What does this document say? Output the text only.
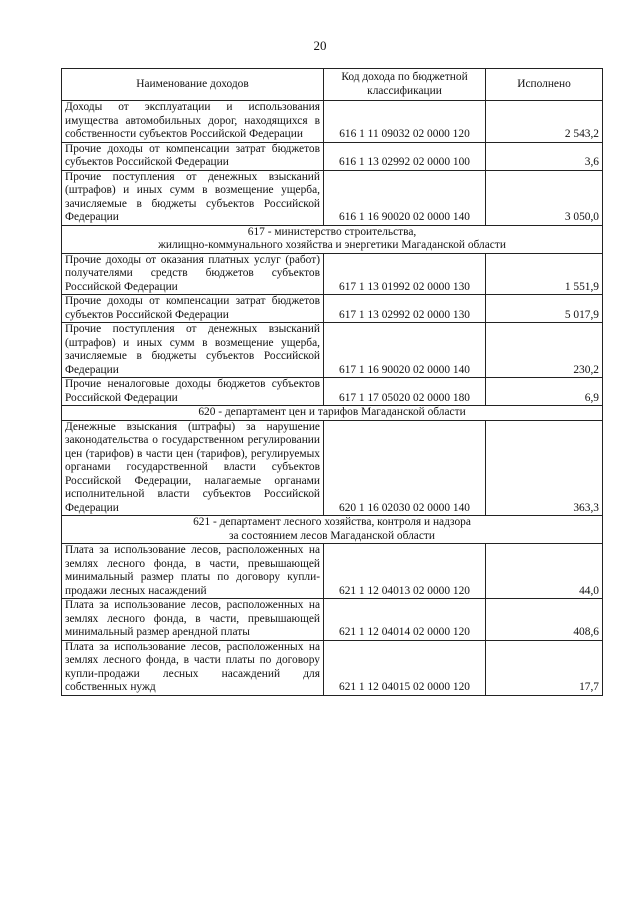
20
Наименование доходов	Код дохода по бюджетной классификации	Исполнено
Доходы от эксплуатации и использования имущества автомобильных дорог, находящихся в собственности субъектов Российской Федерации	616 1 11 09032 02 0000 120	2 543,2
Прочие доходы от компенсации затрат бюджетов субъектов Российской Федерации	616 1 13 02992 02 0000 100	3,6
Прочие поступления от денежных взысканий (штрафов) и иных сумм в возмещение ущерба, зачисляемые в бюджеты субъектов Российской Федерации	616 1 16 90020 02 0000 140	3 050,0

617 - министерство строительства,
жилищно-коммунального хозяйства и энергетики Магаданской области		

Прочие доходы от оказания платных услуг (работ) получателями средств бюджетов субъектов Российской Федерации	617 1 13 01992 02 0000 130	1 551,9
Прочие доходы от компенсации затрат бюджетов субъектов Российской Федерации	617 1 13 02992 02 0000 130	5 017,9
Прочие поступления от денежных взысканий (штрафов) и иных сумм в возмещение ущерба, зачисляемые в бюджеты субъектов Российской Федерации	617 1 16 90020 02 0000 140	230,2
Прочие неналоговые доходы бюджетов субъектов Российской Федерации	617 1 17 05020 02 0000 180	6,9

620 - департамент цен и тарифов Магаданской области		

Денежные взыскания (штрафы) за нарушение законодательства о государственном регулировании цен (тарифов) в части цен (тарифов), регулируемых органами государственной власти субъектов Российской Федерации, налагаемые органами исполнительной власти субъектов Российской Федерации	620 1 16 02030 02 0000 140	363,3

621 - департамент лесного хозяйства, контроля и надзора
за состоянием лесов Магаданской области		

Плата за использование лесов, расположенных на землях лесного фонда, в части, превышающей минимальный размер платы по договору купли-продажи лесных насаждений	621 1 12 04013 02 0000 120	44,0
Плата за использование лесов, расположенных на землях лесного фонда, в части, превышающей минимальный размер арендной платы	621 1 12 04014 02 0000 120	408,6
Плата за использование лесов, расположенных на землях лесного фонда, в части платы по договору купли-продажи лесных насаждений для собственных нужд	621 1 12 04015 02 0000 120	17,7
